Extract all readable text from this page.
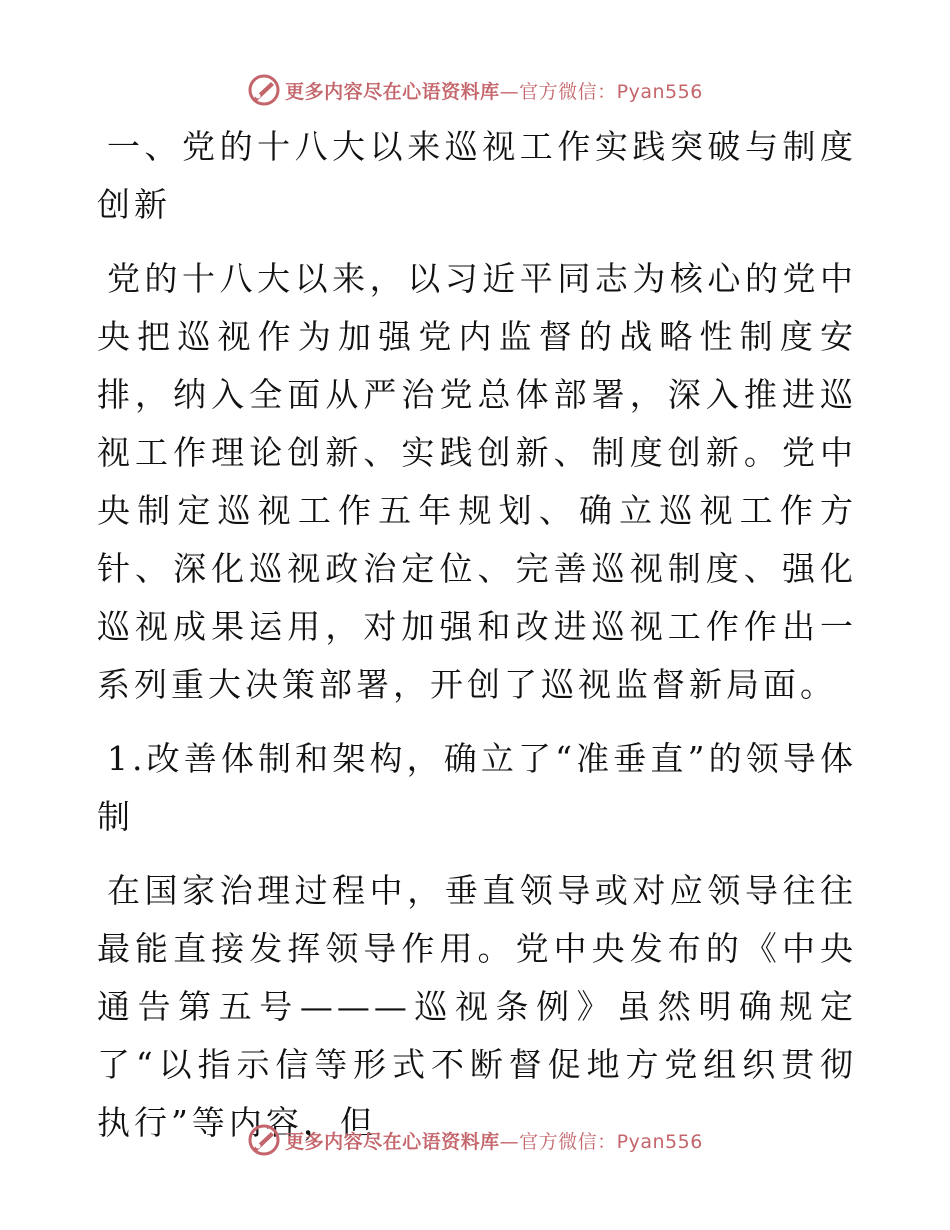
更多内容尽在心语资料库—官方微信：Pyan556

一、党的十八大以来巡视工作实践突破与制度创新

党的十八大以来，以习近平同志为核心的党中央把巡视作为加强党内监督的战略性制度安排，纳入全面从严治党总体部署，深入推进巡视工作理论创新、实践创新、制度创新。党中央制定巡视工作五年规划、确立巡视工作方针、深化巡视政治定位、完善巡视制度、强化巡视成果运用，对加强和改进巡视工作作出一系列重大决策部署，开创了巡视监督新局面。

1.改善体制和架构，确立了“准垂直”的领导体制

在国家治理过程中，垂直领导或对应领导往往最能直接发挥领导作用。党中央发布的《中央通告第五号———巡视条例》虽然明确规定了“以指示信等形式不断督促地方党组织贯彻执行”等内容，但

更多内容尽在心语资料库—官方微信：Pyan556
